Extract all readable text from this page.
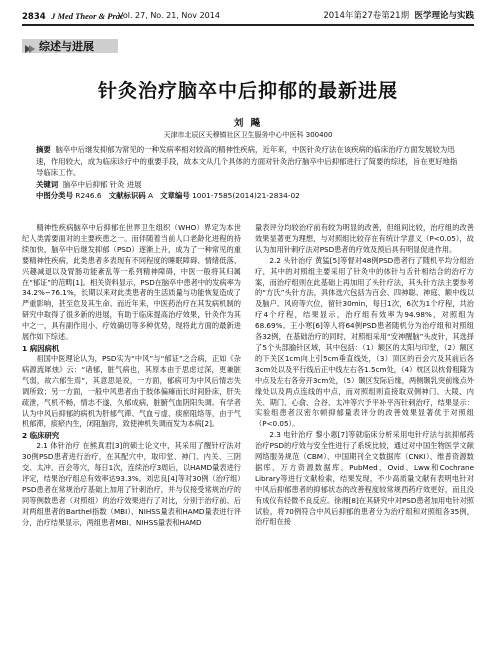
2834 J Med Theor & Prac
Vol. 27, No. 21, Nov 2014	2014年第27卷第21期 医学理论与实践
综述与进展
针灸治疗脑卒中后抑郁的最新进展
刘 飚
天津市北辰区天穆镇社区卫生服务中心中医科 300400
摘要 脑卒中后继发抑郁为常见的一种发病率相对较高的精神性疾病，近年来，中医针灸疗法在该疾病的临床治疗方面发展较为迅速，作用较大，成为临床诊疗中的重要手段，故本文从几个具体的方面对针灸治疗脑卒中后抑郁进行了简要的综述，旨在更好地指导临床工作。
关键词 脑卒中后抑郁 针灸 进展
中图分类号 R246.6 文献标识码 A 文章编号 1001-7585(2014)21-2834-02

精神性疾病脑卒中后抑郁在世界卫生组织（WHO）界定为本世纪人类需要面对的主要疾患之一。而伴随着当前人口老龄化进程的持续加快，脑卒中后继发抑郁（PSD）逐渐上升，成为了一种常见的重要精神性疾病，此类患者多表现有不同程度的睡眠障碍、情绪低落、兴趣减退以及胃肠功能紊乱等一系列精神障碍，中医一般将其归属在“郁证”的范畴[1]。相关资料显示，PSD在脑卒中患者中的发病率为34.2%~76.1%，长期以来对此类患者的生活质量与功能恢复造成了严重影响，甚至危及其生命。而近年来，中医药治疗在其发病机制的研究中取得了很多新的进展，有助于临床提高治疗效果，针灸作为其中之一，具有副作用小、疗效确切等多种优势，现将此方面的最新进展作如下综述。

1 病因病机

祖国中医理论认为，PSD实为“中风”与“郁证”之合病，正如《杂病源流犀烛》云：“诸郁，脏气病也，其原本由于思虑过深，更兼脏气弱，故六郁生焉”，其意思是说，一方面，郁病可为中风后情志失调所致；另一方面，一般中风患者由于肢体偏瘫而长时间卧床，肝失疏泄，气机不畅，情志不遂，久郁成病，脏腑气血阴阳失调。有学者认为中风后抑郁的病机为肝郁气滞、气血亏虚、痰瘀阻络等，由于气机郁滞，痰瘀内生，闭阻脑窍，致使神机失调而发为本病[2]。

2 临床研究

2.1 体针治疗 在熊真君[3]的硕士论文中，其采用了醒针疗法对30例PSD患者进行治疗，在其配穴中，取印堂、神门、内关、三阴交、太冲、百会等穴，每日1次，连续治疗3周后，以HAMD量表进行评定，结果治疗组总有效率达93.3%。刘忠良[4]等对30例（治疗组）PSD患者在常规治疗基础上加用了针刺治疗，并与仅接受常规治疗的同等例数患者（对照组）的治疗效果进行了对比，分别于治疗前、后对两组患者的Barthel指数（MBI）、NIHSS量表和HAMD量表进行评分，治疗结果显示，两组患者MBI、NIHSS量表和HAMD

量表评分均较治疗前有较为明显的改善，但组间比较，治疗组的改善效果显著更为理想，与对照组比较存在有统计学意义（P<0.05），故认为加用针刺疗法对PSD患者的疗效及预后具有明显促进作用。

2.2 头针治疗 黄猛[5]等督对48例PSD患者行了随机平均分组治疗，其中的对照组主要采用了针灸中的体针与舌针相结合的治疗方案，而治疗组则在此基础上再加用了头针疗法，其头针方法主要参考的“方氏”头针方法，具体选穴包括为百会、四神聪、神庭、额中线以及脑户、风府等穴位，留针30min，每日1次，6次为1个疗程，共治疗4个疗程，结果显示，治疗组有效率为94.98%，对照组为68.69%。王小寒[6]等人将64例PSD患者随机分为治疗组和对照组各32例，在基础治疗的同时，对照组采用“安神醒脑”头皮针，其选择了5个头部腧针区域，其中包括：（1）额区的太阳与印堂，（2）额区的下关区1cm向上引5cm垂直线处，（3）顶区的百会穴及其前后各3cm处以及平行线后正中线左右各1.5cm处，（4）枕区以枕骨粗隆为中点及左右各旁开3cm处，（5）颞区发际后缘，两侧颞乳突前缘点外缘处以及两点连线的中点，而对照组则直接取双侧神门、大陵、内关、期门、心俞、合谷、太冲等穴予平补平泻针刺治疗，结果显示：实验组患者汉密尔顿抑郁量表评分的改善效果显著优于对照组（P<0.05）。

2.3 电针治疗 黎小惠[7]等就临床分析采用电针疗法与抗抑郁药治疗PSD的疗效与安全性进行了系统比较，通过对中国生物医学文献网络服务规范（CBM）、中国期刊全文数据库（CNKI）、维普资源数据库、万方资源数据库、PubMed、Ovid、Lww和Cochrane Library等进行文献检索，结果发现，不少高质量文献有表明电针对中风后抑郁患者的抑郁状态的改善程度较常规西药疗效更好，而且没有成仪有轻微不良反应。徐湘[8]在其研究中对PSD患者加用电针对照试验，将70例符合中风后抑郁的患者分为治疗组和对照组各35例，治疗组在接
